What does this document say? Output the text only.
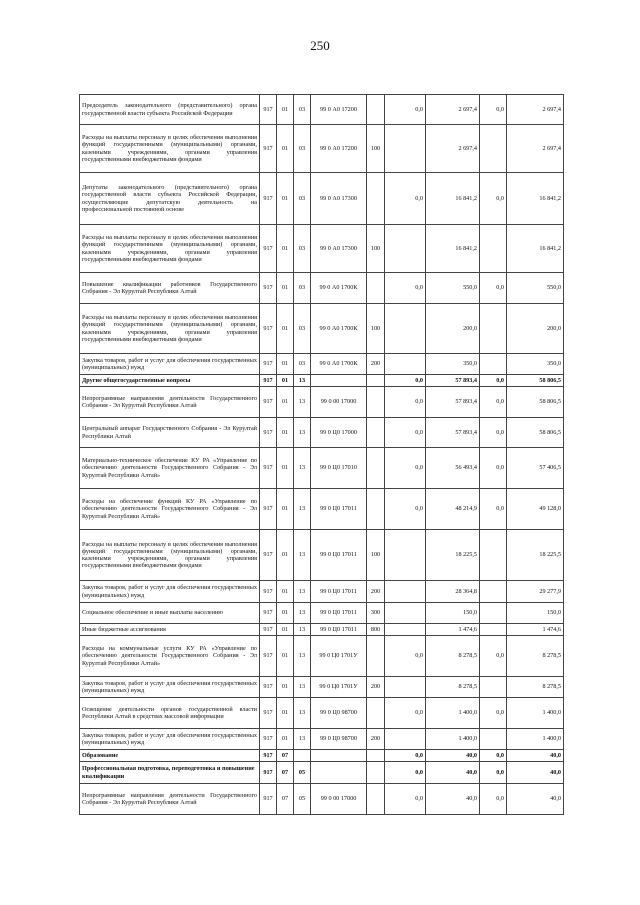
250
Председатель законодательного (представительного) органа государственной власти субъекта Российской Федерации	917	01	03	99 0 А0 17200		0,0	2 697,4	0,0	2 697,4
Расходы на выплаты персоналу в целях обеспечения выполнения функций государственными (муниципальными) органами, казенными учреждениями, органами управления государственными внебюджетными фондами	917	01	03	99 0 А0 17200	100		2 697,4		2 697,4
Депутаты законодательного (представительного) органа государственной власти субъекта Российской Федерации, осуществляющие депутатскую деятельность на профессиональной постоянной основе	917	01	03	99 0 А0 17300		0,0	16 841,2	0,0	16 841,2
Расходы на выплаты персоналу в целях обеспечения выполнения функций государственными (муниципальными) органами, казенными учреждениями, органами управления государственными внебюджетными фондами	917	01	03	99 0 А0 17300	100		16 841,2		16 841,2
Повышение квалификации работников Государственного Собрания - Эл Курултай Республики Алтай	917	01	03	99 0 А0 1700К		0,0	550,0	0,0	550,0
Расходы на выплаты персоналу в целях обеспечения выполнения функций государственными (муниципальными) органами, казенными учреждениями, органами управления государственными внебюджетными фондами	917	01	03	99 0 А0 1700К	100		200,0		200,0
Закупка товаров, работ и услуг для обеспечения государственных (муниципальных) нужд	917	01	03	99 0 А0 1700К	200		350,0		350,0
Другие общегосударственные вопросы	917	01	13			0,0	57 893,4	0,0	58 806,5
Непрограммные направления деятельности Государственного Собрания - Эл Курултай Республики Алтай	917	01	13	99 0 00 17000		0,0	57 893,4	0,0	58 806,5
Центральный аппарат Государственного Собрания - Эл Курултай Республики Алтай	917	01	13	99 0 Ц0 17000		0,0	57 893,4	0,0	58 806,5
Материально-техническое обеспечение КУ РА «Управление по обеспечению деятельности Государственного Собрания - Эл Курултай Республики Алтай»	917	01	13	99 0 Ц0 17010		0,0	56 493,4	0,0	57 406,5
Расходы на обеспечение функций КУ РА «Управление по обеспечению деятельности Государственного Собрания - Эл Курултай Республики Алтай»	917	01	13	99 0 Ц0 17011		0,0	48 214,9	0,0	49 128,0
Расходы на выплаты персоналу в целях обеспечения выполнения функций государственными (муниципальными) органами, казенными учреждениями, органами управления государственными внебюджетными фондами	917	01	13	99 0 Ц0 17011	100		18 225,5		18 225,5
Закупка товаров, работ и услуг для обеспечения государственных (муниципальных) нужд	917	01	13	99 0 Ц0 17011	200		28 364,8		29 277,9
Социальное обеспечение и иные выплаты населению	917	01	13	99 0 Ц0 17011	300		150,0		150,0
Иные бюджетные ассигнования	917	01	13	99 0 Ц0 17011	800		1 474,6		1 474,6
Расходы на коммунальные услуги КУ РА «Управление по обеспечению деятельности Государственного Собрания - Эл Курултай Республики Алтай»	917	01	13	99 0 Ц0 1701У		0,0	8 278,5	0,0	8 278,5
Закупка товаров, работ и услуг для обеспечения государственных (муниципальных) нужд	917	01	13	99 0 Ц0 1701У	200		8 278,5		8 278,5
Освещение деятельности органов государственной власти Республики Алтай в средствах массовой информации	917	01	13	99 0 Ц0 98700		0,0	1 400,0	0,0	1 400,0
Закупка товаров, работ и услуг для обеспечения государственных (муниципальных) нужд	917	01	13	99 0 Ц0 98700	200		1 400,0		1 400,0
Образование	917	07				0,0	40,0	0,0	40,0
Профессиональная подготовка, переподготовка и повышение квалификации	917	07	05			0,0	40,0	0,0	40,0
Непрограммные направления деятельности Государственного Собрания - Эл Курултай Республики Алтай	917	07	05	99 0 00 17000		0,0	40,0	0,0	40,0
